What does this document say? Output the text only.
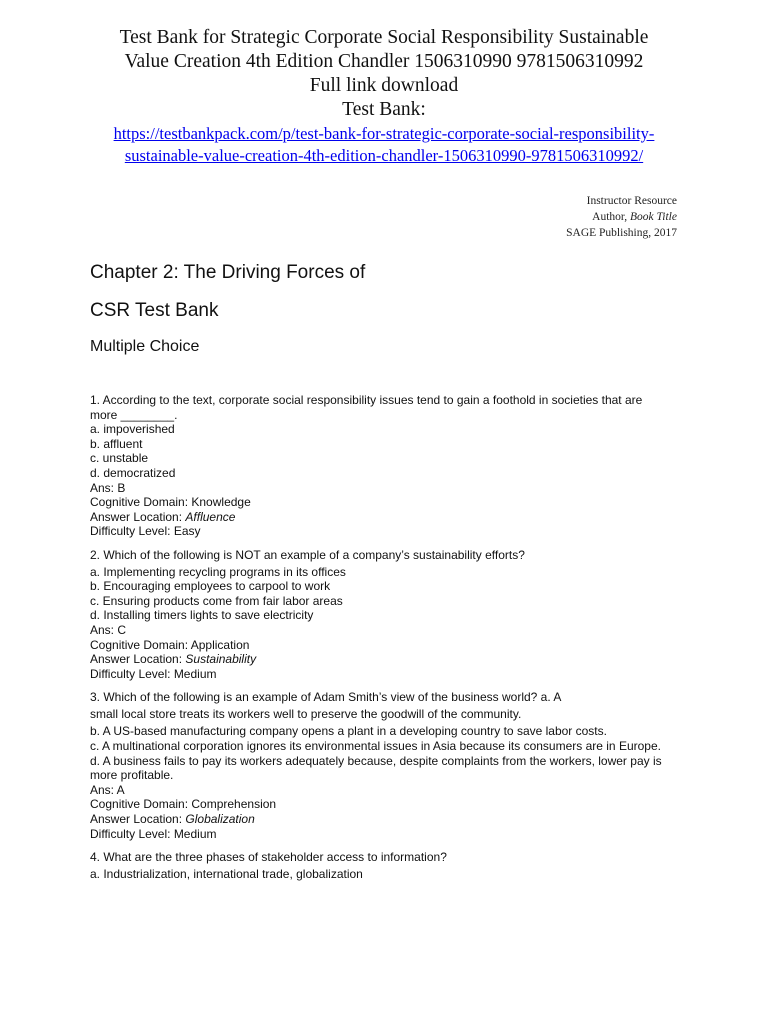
Test Bank for Strategic Corporate Social Responsibility Sustainable
Value Creation 4th Edition Chandler 1506310990 9781506310992
Full link download
Test Bank:
https://testbankpack.com/p/test-bank-for-strategic-corporate-social-responsibility-
sustainable-value-creation-4th-edition-chandler-1506310990-9781506310992/
Instructor Resource
Author, Book Title
SAGE Publishing, 2017
Chapter 2: The Driving Forces of
CSR Test Bank
Multiple Choice
1. According to the text, corporate social responsibility issues tend to gain a foothold in societies that are
more ________.
a. impoverished
b. affluent
c. unstable
d. democratized
Ans: B
Cognitive Domain: Knowledge
Answer Location: Affluence
Difficulty Level: Easy
2. Which of the following is NOT an example of a company’s sustainability efforts?
a. Implementing recycling programs in its offices
b. Encouraging employees to carpool to work
c. Ensuring products come from fair labor areas
d. Installing timers lights to save electricity
Ans: C
Cognitive Domain: Application
Answer Location: Sustainability
Difficulty Level: Medium
3. Which of the following is an example of Adam Smith’s view of the business world? a. A
small local store treats its workers well to preserve the goodwill of the community.
b. A US-based manufacturing company opens a plant in a developing country to save labor costs.
c. A multinational corporation ignores its environmental issues in Asia because its consumers are in Europe.
d. A business fails to pay its workers adequately because, despite complaints from the workers, lower pay is more profitable.
Ans: A
Cognitive Domain: Comprehension
Answer Location: Globalization
Difficulty Level: Medium
4. What are the three phases of stakeholder access to information?
a. Industrialization, international trade, globalization
